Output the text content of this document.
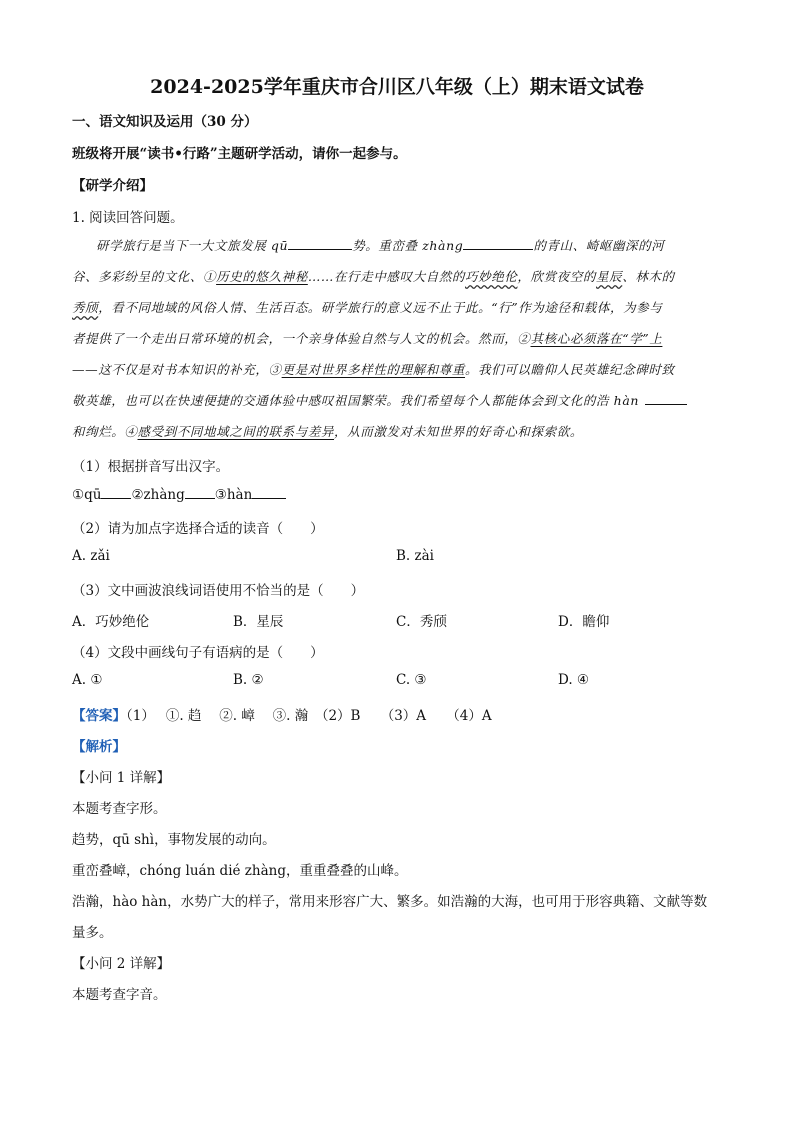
2024-2025学年重庆市合川区八年级（上）期末语文试卷
一、语文知识及运用（30 分）
班级将开展“读书•行路”主题研学活动，请你一起参与。
【研学介绍】
1. 阅读回答问题。
研学旅行是当下一大文旅发展 qū	势。重峦叠 zhàng	的青山、崎岖幽深的河
谷、多彩纷呈的文化、①历史的悠久神秘……在行走中感叹大自然的巧妙绝伦，欣赏夜空的星辰、林木的
秀颀，看不同地域的风俗人情、生活百态。研学旅行的意义远不止于此。“行”作为途径和载体，为参与
者提供了一个走出日常环境的机会，一个亲身体验自然与人文的机会。然而，②其核心必须落在“学”上
——这不仅是对书本知识的补充，③更是对世界多样性的理解和尊重。我们可以瞻仰人民英雄纪念碑时致
敬英雄，也可以在快速便捷的交通体验中感叹祖国繁荣。我们希望每个人都能体会到文化的浩 hàn
和绚烂。④感受到不同地域之间的联系与差异，从而激发对未知世界的好奇心和探索欲。
（1）根据拼音写出汉字。
①qū ②zhàng ③hàn
（2）请为加点字选择合适的读音（　　）
A. zǎi	B. zài
（3）文中画波浪线词语使用不恰当的是（　　）
A．巧妙绝伦	B．星辰	C．秀颀	D．瞻仰
（4）文段中画线句子有语病的是（　　）
A. ①	B. ②	C. ③	D. ④
【答案】（1）　 ①. 趋　 ②. 嶂　 ③. 瀚　（2）B　　（3）A　　（4）A
【解析】
【小问 1 详解】
本题考查字形。
趋势，qū shì，事物发展的动向。
重峦叠嶂，chóng luán dié zhàng，重重叠叠的山峰。
浩瀚，hào hàn，水势广大的样子，常用来形容广大、繁多。如浩瀚的大海，也可用于形容典籍、文献等数
量多。
【小问 2 详解】
本题考查字音。
